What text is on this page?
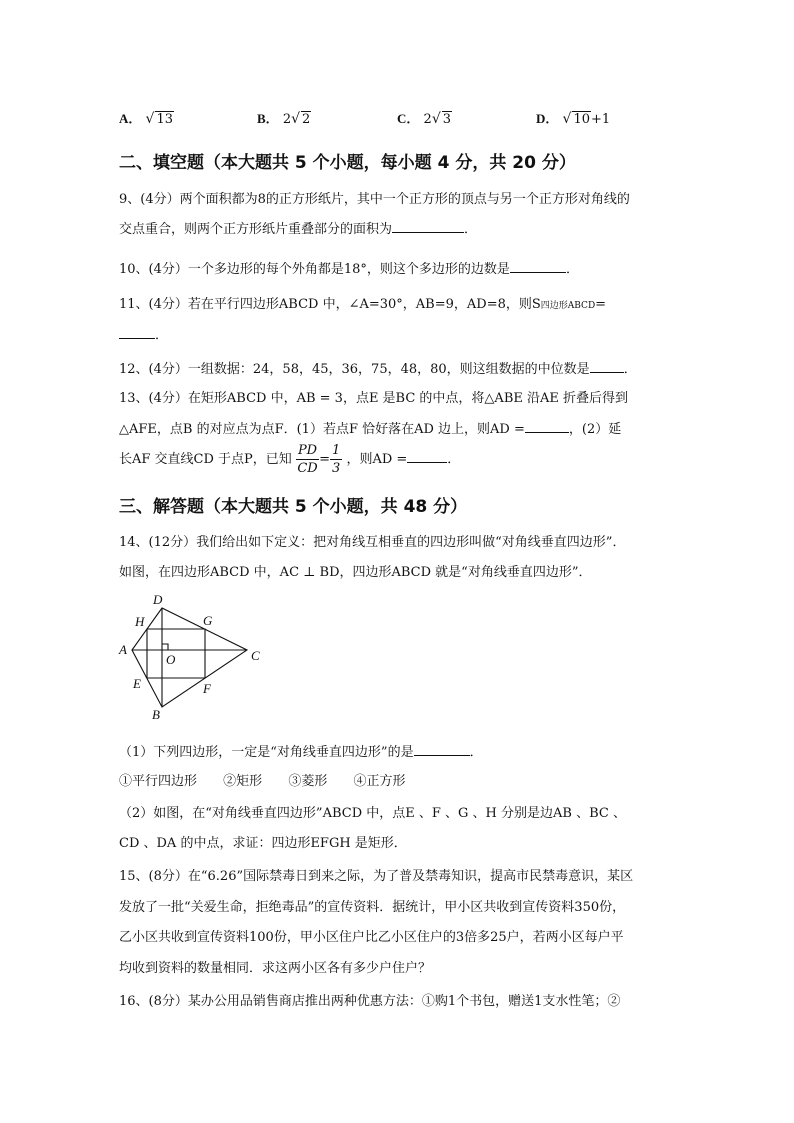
A． √ 13	B． 2√ 2	C． 2√ 3	D． √ 10+1
二、填空题（本大题共 5 个小题，每小题 4 分，共 20 分）
9、(4分）两个面积都为8的正方形纸片，其中一个正方形的顶点与另一个正方形对角线的
交点重合，则两个正方形纸片重叠部分的面积为	．
10、(4分）一个多边形的每个外角都是18°，则这个多边形的边数是	．
11、(4分）若在平行四边形ABCD 中，∠A=30°，AB=9，AD=8，则S四边形ABCD=
．
12、(4分）一组数据：24，58，45，36，75，48，80，则这组数据的中位数是	．
13、(4分）在矩形ABCD 中，AB = 3，点E 是BC 的中点，将△ABE 沿AE 折叠后得到
△AFE，点B 的对应点为点F．(1）若点F 恰好落在AD 边上，则AD =	，(2）延
长AF 交直线CD 于点P，已知 $\frac{PD}{CD} = \frac{1}{3}$ ，则AD =	．
三、解答题（本大题共 5 个小题，共 48 分）
14、(12分）我们给出如下定义：把对角线互相垂直的四边形叫做“对角线垂直四边形”．
如图，在四边形ABCD 中，AC ⊥ BD，四边形ABCD 就是“对角线垂直四边形”．
A
B
C
D
E	F
G
H
O
（1）下列四边形，一定是“对角线垂直四边形”的是	．
①平行四边形 ②矩形 ③菱形 ④正方形
（2）如图，在“对角线垂直四边形”ABCD 中，点E 、F 、G 、H 分别是边AB 、BC 、
CD 、DA 的中点，求证：四边形EFGH 是矩形．
15、(8分）在“6.26”国际禁毒日到来之际，为了普及禁毒知识，提高市民禁毒意识，某区
发放了一批“关爱生命，拒绝毒品”的宣传资料．据统计，甲小区共收到宣传资料350份，
乙小区共收到宣传资料100份，甲小区住户比乙小区住户的3倍多25户，若两小区每户平
均收到资料的数量相同．求这两小区各有多少户住户？
16、(8分）某办公用品销售商店推出两种优惠方法：①购1个书包，赠送1支水性笔；②
